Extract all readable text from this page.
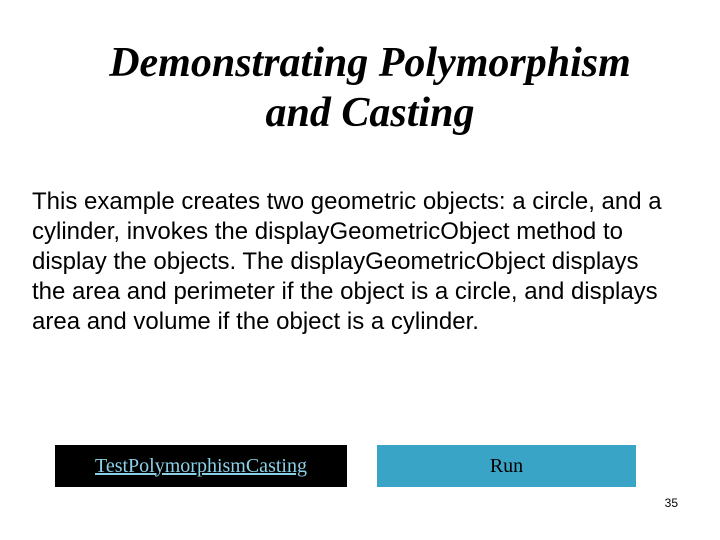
Demonstrating Polymorphism
and Casting

This example creates two geometric objects: a circle, and a cylinder, invokes the displayGeometricObject method to display the objects. The displayGeometricObject displays the area and perimeter if the object is a circle, and displays area and volume if the object is a cylinder.

TestPolymorphismCasting	Run
35
